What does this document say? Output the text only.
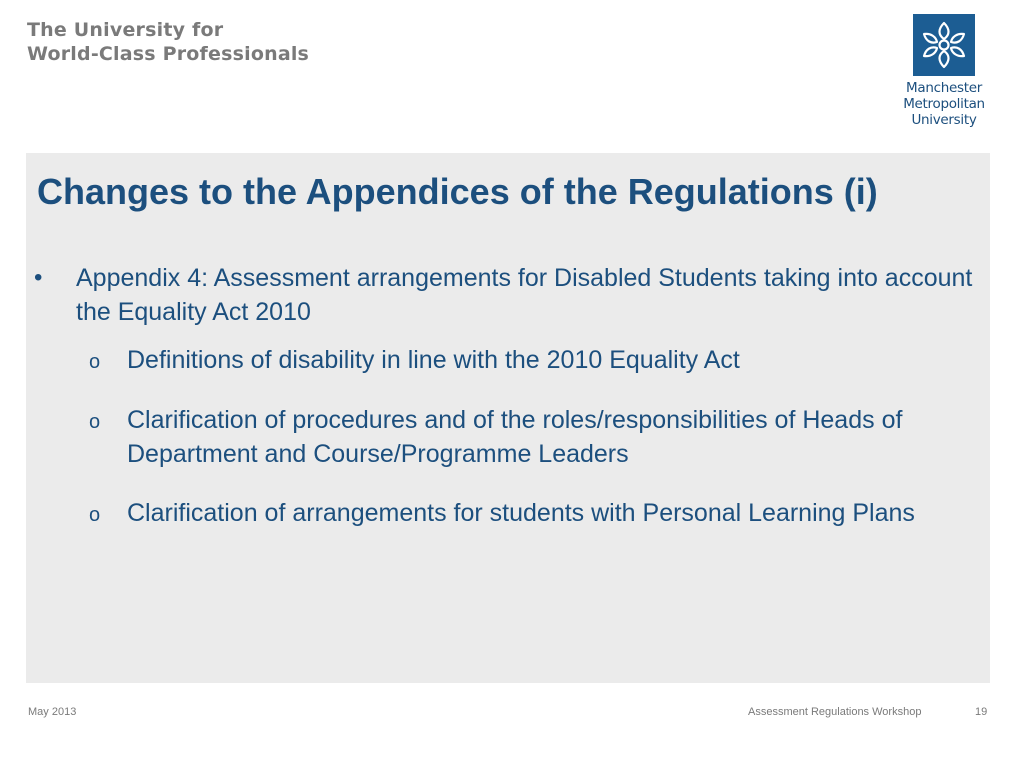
The University for
World-Class Professionals
Manchester
Metropolitan
University
Changes to the Appendices of the Regulations (i)
• Appendix 4: Assessment arrangements for Disabled Students taking into account the Equality Act 2010
o Definitions of disability in line with the 2010 Equality Act
o Clarification of procedures and of the roles/responsibilities of Heads of Department and Course/Programme Leaders
o Clarification of arrangements for students with Personal Learning Plans
May 2013	Assessment Regulations Workshop	19
